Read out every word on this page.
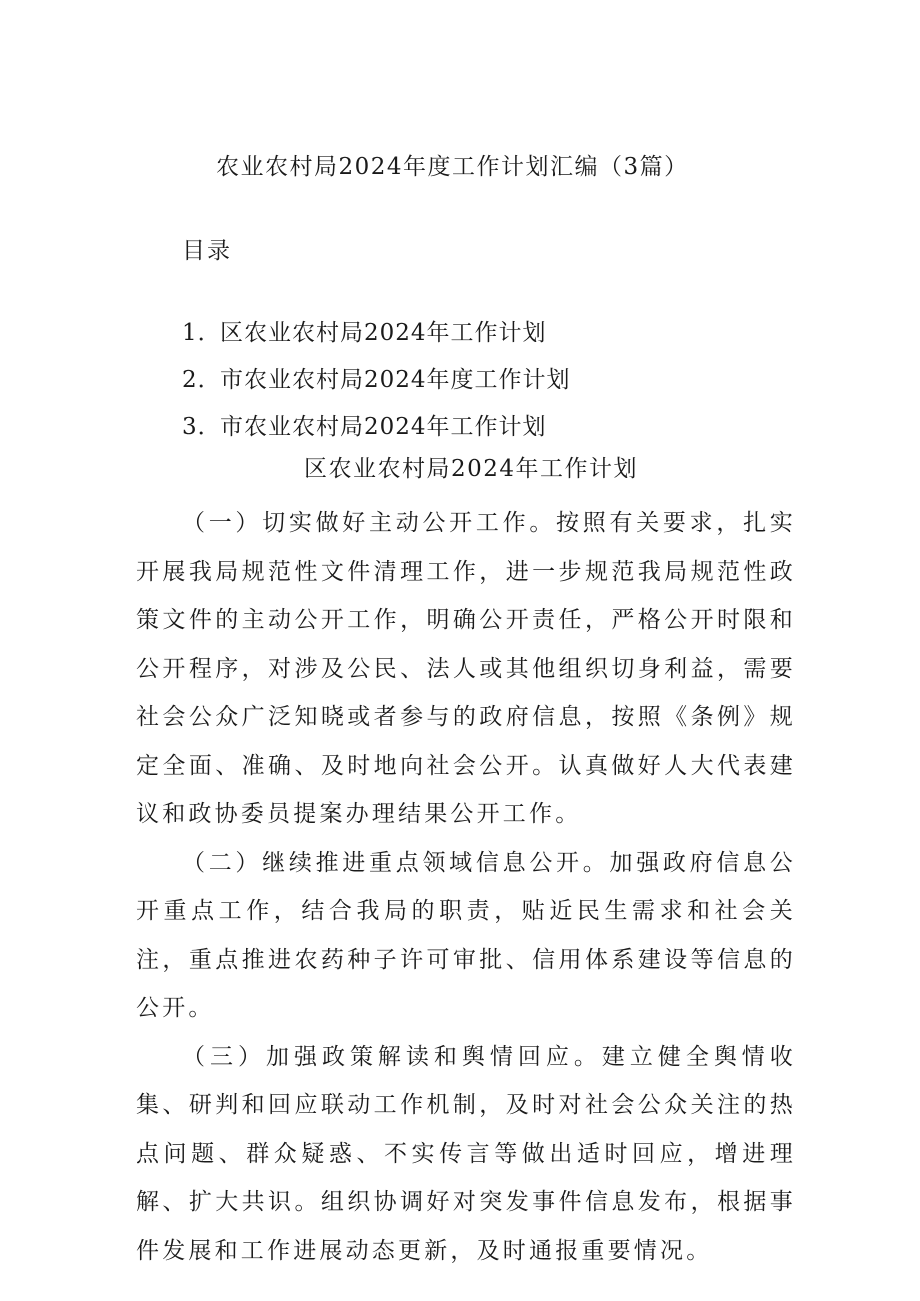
农业农村局2024年度工作计划汇编（3篇）
目录
1．区农业农村局2024年工作计划
2．市农业农村局2024年度工作计划
3．市农业农村局2024年工作计划
区农业农村局2024年工作计划

（一）切实做好主动公开工作。按照有关要求，扎实开展我局规范性文件清理工作，进一步规范我局规范性政策文件的主动公开工作，明确公开责任，严格公开时限和公开程序，对涉及公民、法人或其他组织切身利益，需要社会公众广泛知晓或者参与的政府信息，按照《条例》规定全面、准确、及时地向社会公开。认真做好人大代表建议和政协委员提案办理结果公开工作。

（二）继续推进重点领域信息公开。加强政府信息公开重点工作，结合我局的职责，贴近民生需求和社会关注，重点推进农药种子许可审批、信用体系建设等信息的公开。

（三）加强政策解读和舆情回应。建立健全舆情收集、研判和回应联动工作机制，及时对社会公众关注的热点问题、群众疑惑、不实传言等做出适时回应，增进理解、扩大共识。组织协调好对突发事件信息发布，根据事件发展和工作进展动态更新，及时通报重要情况。
